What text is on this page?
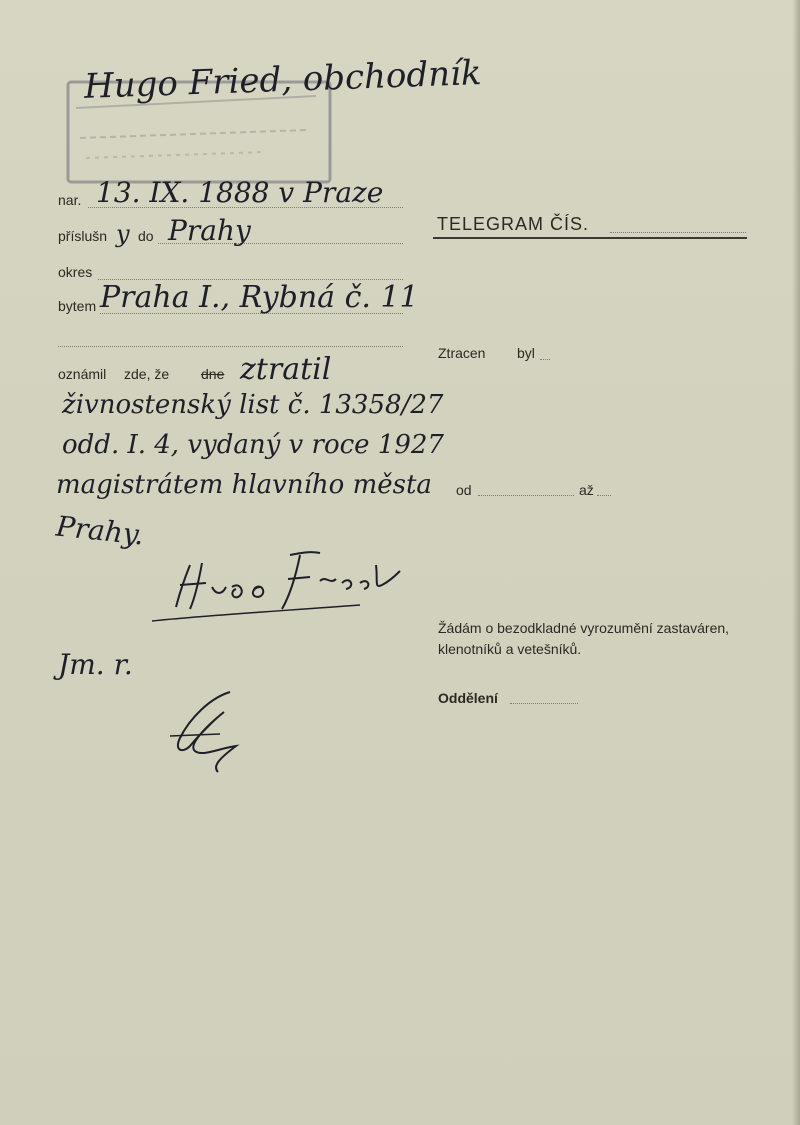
Hugo Fried, obchodník
nar. 13. IX. 1888 v Praze
příslušn y do Prahy
okres
bytem Praha I., Rybná č. 11
oznámil zde, že dne ztratil
živnostenský list č. 13358/27
odd. I. 4, vydaný v roce 1927
magistrátem hlavního města
Prahy.
Jm. r.
TELEGRAM ČÍS.
Ztracen byl
od	až
Žádám o bezodkladné vyrozumění zastaváren, klenotníků a vetešníků.
Oddělení
